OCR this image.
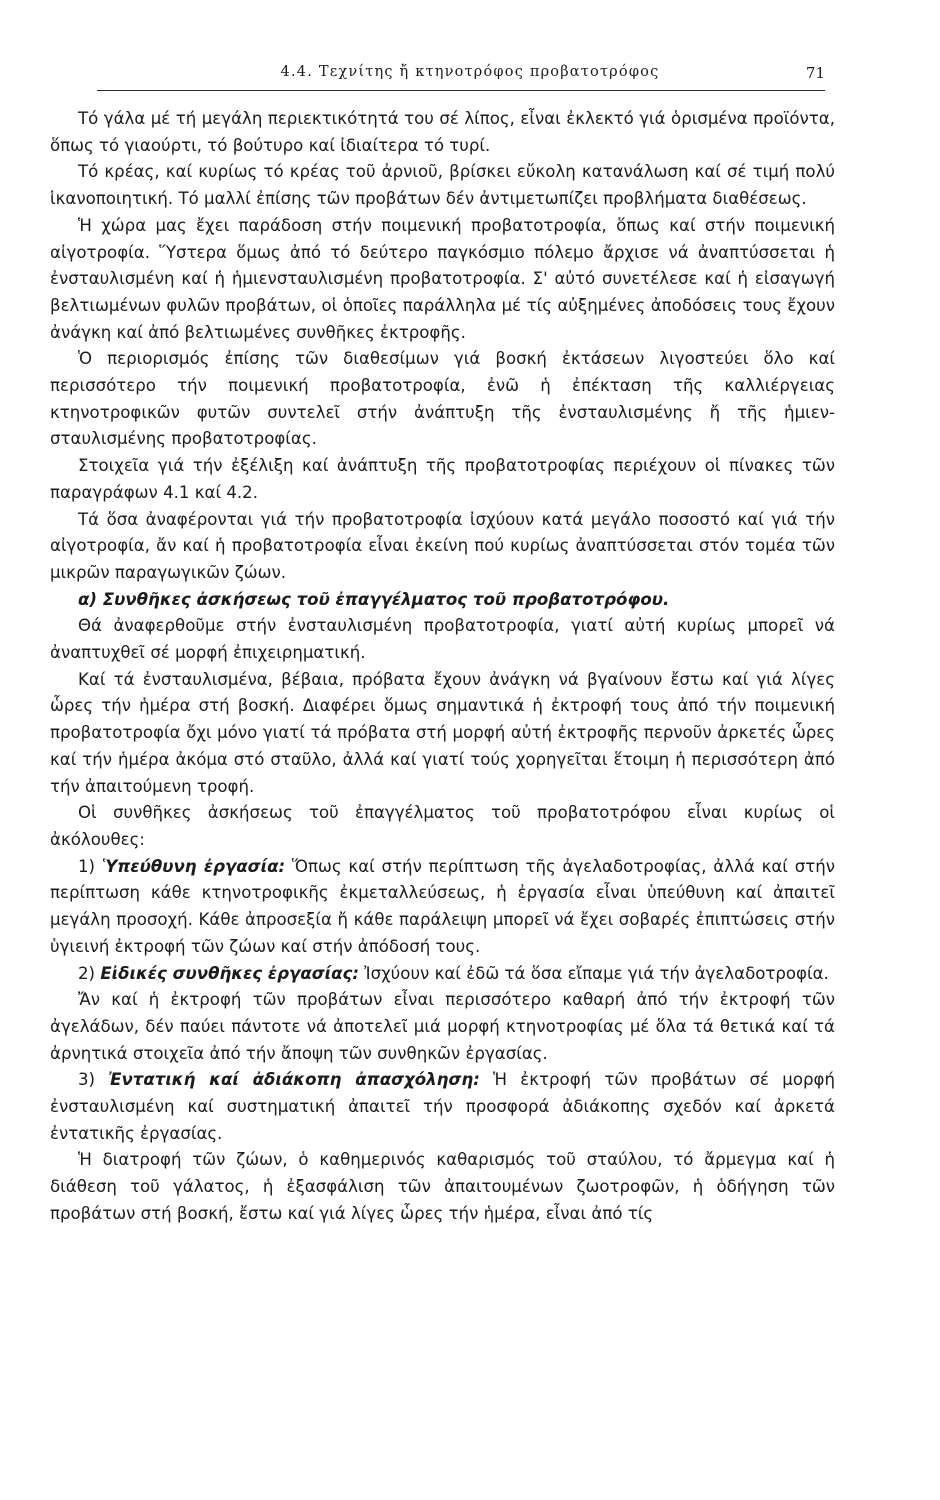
4.4. Τεχνίτης ἤ κτηνοτρόφος προβατοτρόφος	71

Τό γάλα μέ τή μεγάλη περιεκτικότητά του σέ λίπος, εἶναι ἐκλεκτό γιά ὁρισμένα προϊόντα, ὅπως τό γιαούρτι, τό βούτυρο καί ἰδιαίτερα τό τυρί.

Τό κρέας, καί κυρίως τό κρέας τοῦ ἀρνιοῦ, βρίσκει εὔκολη κατανάλωση καί σέ τιμή πολύ ἱκανοποιητική. Τό μαλλί ἐπίσης τῶν προβάτων δέν ἀντιμετωπίζει προβλήματα διαθέσεως.

Ἡ χώρα μας ἔχει παράδοση στήν ποιμενική προβατοτροφία, ὅπως καί στήν ποιμενική αἰγοτροφία. Ὕστερα ὅμως ἀπό τό δεύτερο παγκόσμιο πόλεμο ἄρχισε νά ἀναπτύσσεται ἡ ἐνσταυλισμένη καί ἡ ἡμιενσταυλισμένη προβατοτροφία. Σ' αὐτό συνετέλεσε καί ἡ εἰσαγωγή βελτιωμένων φυλῶν προβάτων, οἱ ὁποῖες παράλληλα μέ τίς αὐξημένες ἀποδόσεις τους ἔχουν ἀνάγκη καί ἀπό βελτιωμένες συνθῆκες ἐκτροφῆς.

Ὁ περιορισμός ἐπίσης τῶν διαθεσίμων γιά βοσκή ἐκτάσεων λιγοστεύει ὅλο καί περισσότερο τήν ποιμενική προβατοτροφία, ἐνῶ ἡ ἐπέκταση τῆς καλλιέργειας κτηνοτροφικῶν φυτῶν συντελεῖ στήν ἀνάπτυξη τῆς ἐνσταυλισμένης ἤ τῆς ἡμιενσταυλισμένης προβατοτροφίας.

Στοιχεῖα γιά τήν ἐξέλιξη καί ἀνάπτυξη τῆς προβατοτροφίας περιέχουν οἱ πίνακες τῶν παραγράφων 4.1 καί 4.2.

Τά ὅσα ἀναφέρονται γιά τήν προβατοτροφία ἰσχύουν κατά μεγάλο ποσοστό καί γιά τήν αἰγοτροφία, ἄν καί ἡ προβατοτροφία εἶναι ἐκείνη πού κυρίως ἀναπτύσσεται στόν τομέα τῶν μικρῶν παραγωγικῶν ζώων.

α) Συνθῆκες ἀσκήσεως τοῦ ἐπαγγέλματος τοῦ προβατοτρόφου.

Θά ἀναφερθοῦμε στήν ἐνσταυλισμένη προβατοτροφία, γιατί αὐτή κυρίως μπορεῖ νά ἀναπτυχθεῖ σέ μορφή ἐπιχειρηματική.

Καί τά ἐνσταυλισμένα, βέβαια, πρόβατα ἔχουν ἀνάγκη νά βγαίνουν ἔστω καί γιά λίγες ὧρες τήν ἡμέρα στή βοσκή. Διαφέρει ὅμως σημαντικά ἡ ἐκτροφή τους ἀπό τήν ποιμενική προβατοτροφία ὄχι μόνο γιατί τά πρόβατα στή μορφή αὐτή ἐκτροφῆς περνοῦν ἀρκετές ὧρες καί τήν ἡμέρα ἀκόμα στό σταῦλο, ἀλλά καί γιατί τούς χορηγεῖται ἕτοιμη ἡ περισσότερη ἀπό τήν ἀπαιτούμενη τροφή.

Οἱ συνθῆκες ἀσκήσεως τοῦ ἐπαγγέλματος τοῦ προβατοτρόφου εἶναι κυρίως οἱ ἀκόλουθες:

1) Ὑπεύθυνη ἐργασία: Ὅπως καί στήν περίπτωση τῆς ἀγελαδοτροφίας, ἀλλά καί στήν περίπτωση κάθε κτηνοτροφικῆς ἐκμεταλλεύσεως, ἡ ἐργασία εἶναι ὑπεύθυνη καί ἀπαιτεῖ μεγάλη προσοχή. Κάθε ἀπροσεξία ἤ κάθε παράλειψη μπορεῖ νά ἔχει σοβαρές ἐπιπτώσεις στήν ὑγιεινή ἐκτροφή τῶν ζώων καί στήν ἀπόδοσή τους.

2) Εἰδικές συνθῆκες ἐργασίας: Ἰσχύουν καί ἐδῶ τά ὅσα εἴπαμε γιά τήν ἀγελαδοτροφία.

Ἄν καί ἡ ἐκτροφή τῶν προβάτων εἶναι περισσότερο καθαρή ἀπό τήν ἐκτροφή τῶν ἀγελάδων, δέν παύει πάντοτε νά ἀποτελεῖ μιά μορφή κτηνοτροφίας μέ ὅλα τά θετικά καί τά ἀρνητικά στοιχεῖα ἀπό τήν ἄποψη τῶν συνθηκῶν ἐργασίας.

3) Ἐντατική καί ἀδιάκοπη ἀπασχόληση: Ἡ ἐκτροφή τῶν προβάτων σέ μορφή ἐνσταυλισμένη καί συστηματική ἀπαιτεῖ τήν προσφορά ἀδιάκοπης σχεδόν καί ἀρκετά ἐντατικῆς ἐργασίας.

Ἡ διατροφή τῶν ζώων, ὁ καθημερινός καθαρισμός τοῦ σταύλου, τό ἄρμεγμα καί ἡ διάθεση τοῦ γάλατος, ἡ ἐξασφάλιση τῶν ἀπαιτουμένων ζωοτροφῶν, ἡ ὁδήγηση τῶν προβάτων στή βοσκή, ἔστω καί γιά λίγες ὧρες τήν ἡμέρα, εἶναι ἀπό τίς
